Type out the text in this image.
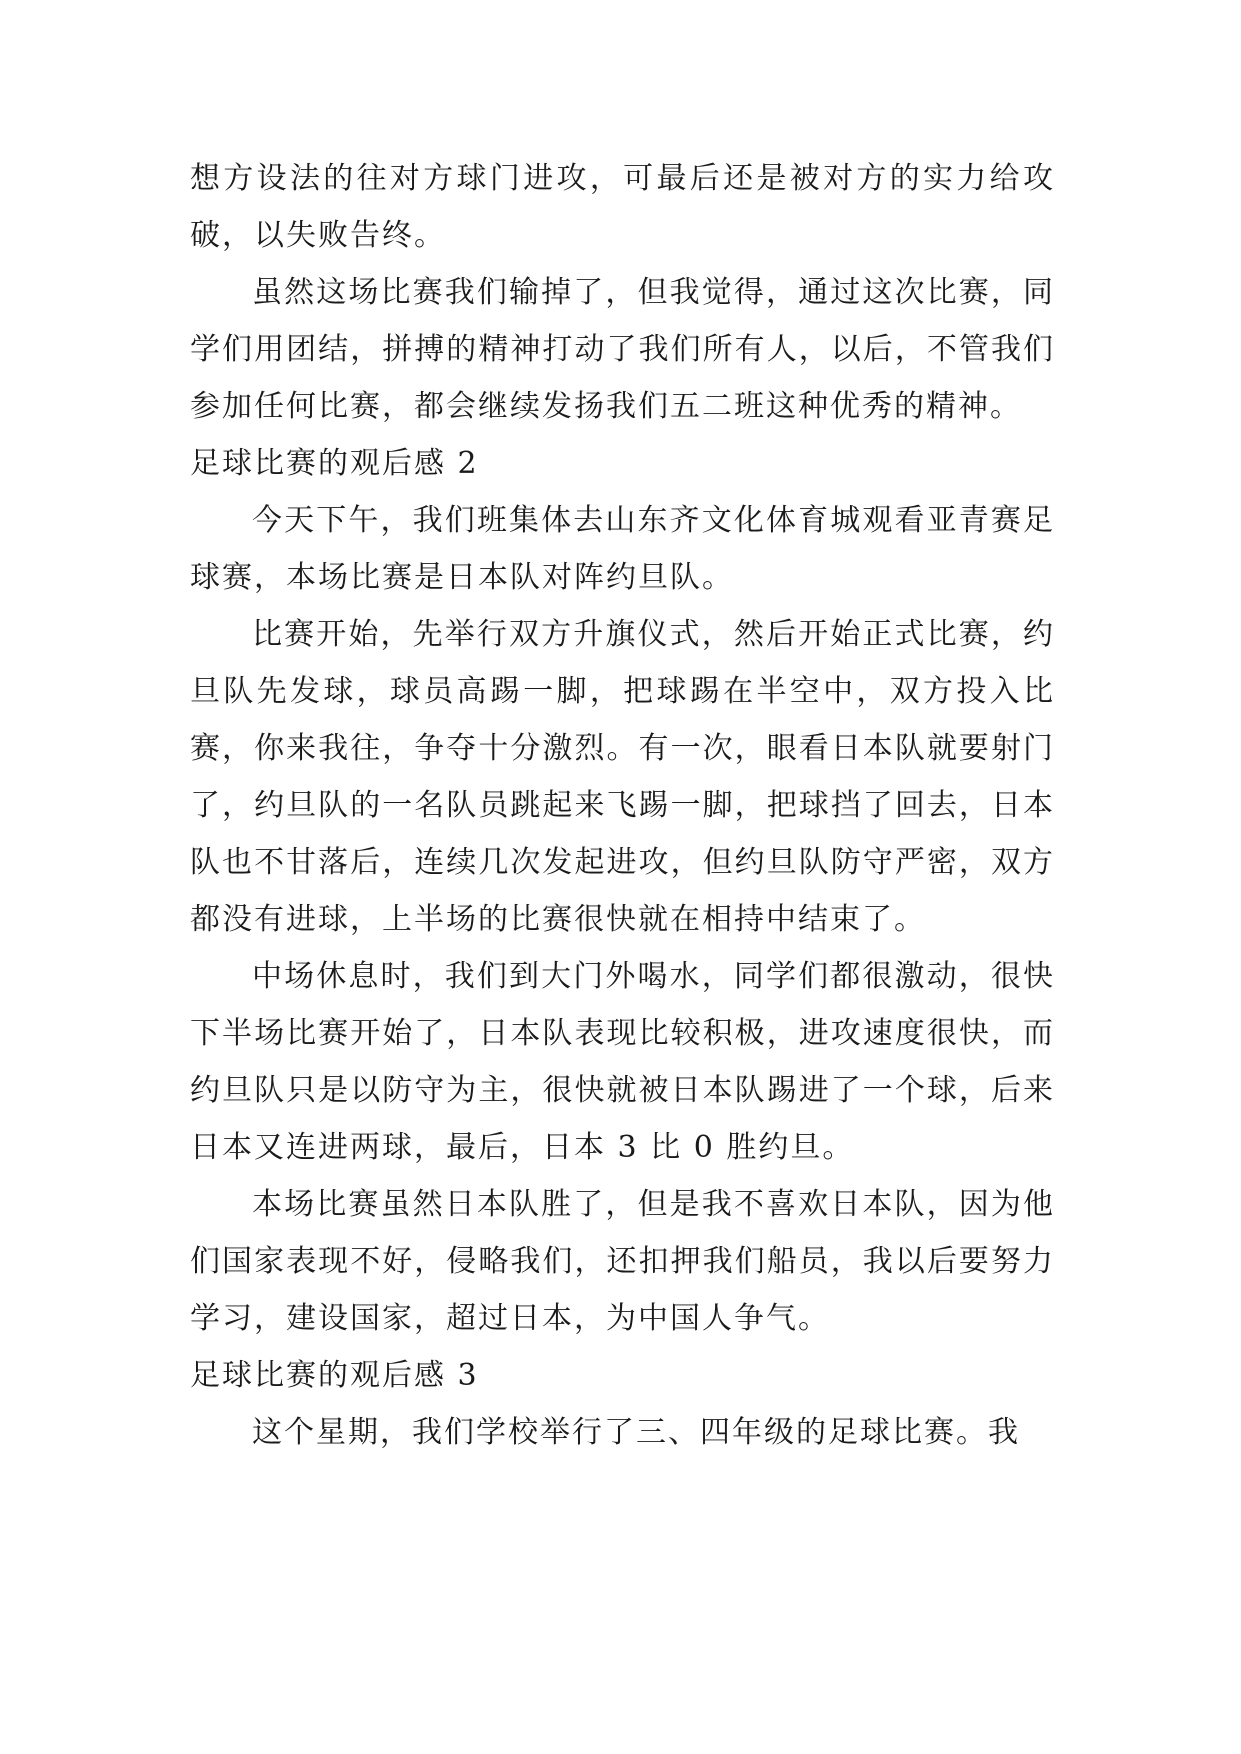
想方设法的往对方球门进攻，可最后还是被对方的实力给攻破，以失败告终。

虽然这场比赛我们输掉了，但我觉得，通过这次比赛，同学们用团结，拼搏的精神打动了我们所有人，以后，不管我们参加任何比赛，都会继续发扬我们五二班这种优秀的精神。

足球比赛的观后感 2

今天下午，我们班集体去山东齐文化体育城观看亚青赛足球赛，本场比赛是日本队对阵约旦队。

比赛开始，先举行双方升旗仪式，然后开始正式比赛，约旦队先发球，球员高踢一脚，把球踢在半空中，双方投入比赛，你来我往，争夺十分激烈。有一次，眼看日本队就要射门了，约旦队的一名队员跳起来飞踢一脚，把球挡了回去，日本队也不甘落后，连续几次发起进攻，但约旦队防守严密，双方都没有进球，上半场的比赛很快就在相持中结束了。

中场休息时，我们到大门外喝水，同学们都很激动，很快下半场比赛开始了，日本队表现比较积极，进攻速度很快，而约旦队只是以防守为主，很快就被日本队踢进了一个球，后来日本又连进两球，最后，日本 3 比 0 胜约旦。

本场比赛虽然日本队胜了，但是我不喜欢日本队，因为他们国家表现不好，侵略我们，还扣押我们船员，我以后要努力学习，建设国家，超过日本，为中国人争气。

足球比赛的观后感 3

这个星期，我们学校举行了三、四年级的足球比赛。我
